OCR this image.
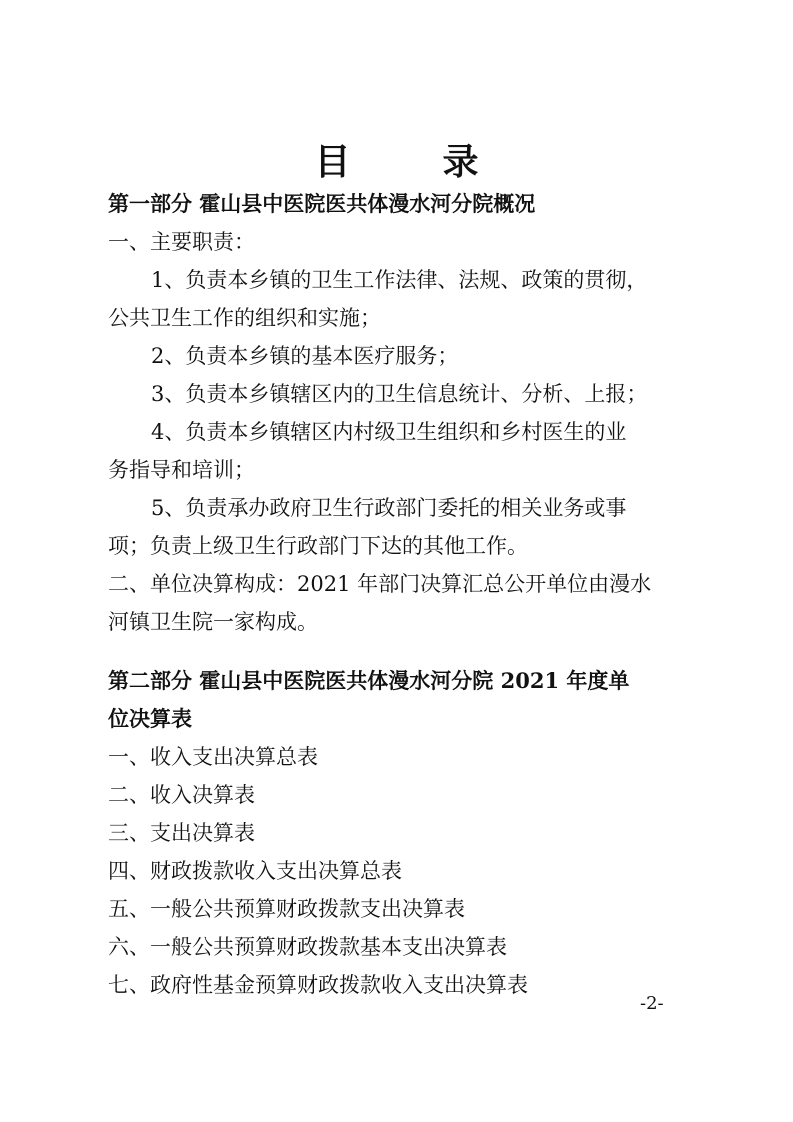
目　录
第一部分 霍山县中医院医共体漫水河分院概况
一、主要职责：
1、负责本乡镇的卫生工作法律、法规、政策的贯彻，
公共卫生工作的组织和实施；
2、负责本乡镇的基本医疗服务；
3、负责本乡镇辖区内的卫生信息统计、分析、上报；
4、负责本乡镇辖区内村级卫生组织和乡村医生的业
务指导和培训；
5、负责承办政府卫生行政部门委托的相关业务或事
项；负责上级卫生行政部门下达的其他工作。
二、单位决算构成：2021 年部门决算汇总公开单位由漫水
河镇卫生院一家构成。
第二部分 霍山县中医院医共体漫水河分院 2021 年度单
位决算表
一、收入支出决算总表
二、收入决算表
三、支出决算表
四、财政拨款收入支出决算总表
五、一般公共预算财政拨款支出决算表
六、一般公共预算财政拨款基本支出决算表
七、政府性基金预算财政拨款收入支出决算表
-2-
